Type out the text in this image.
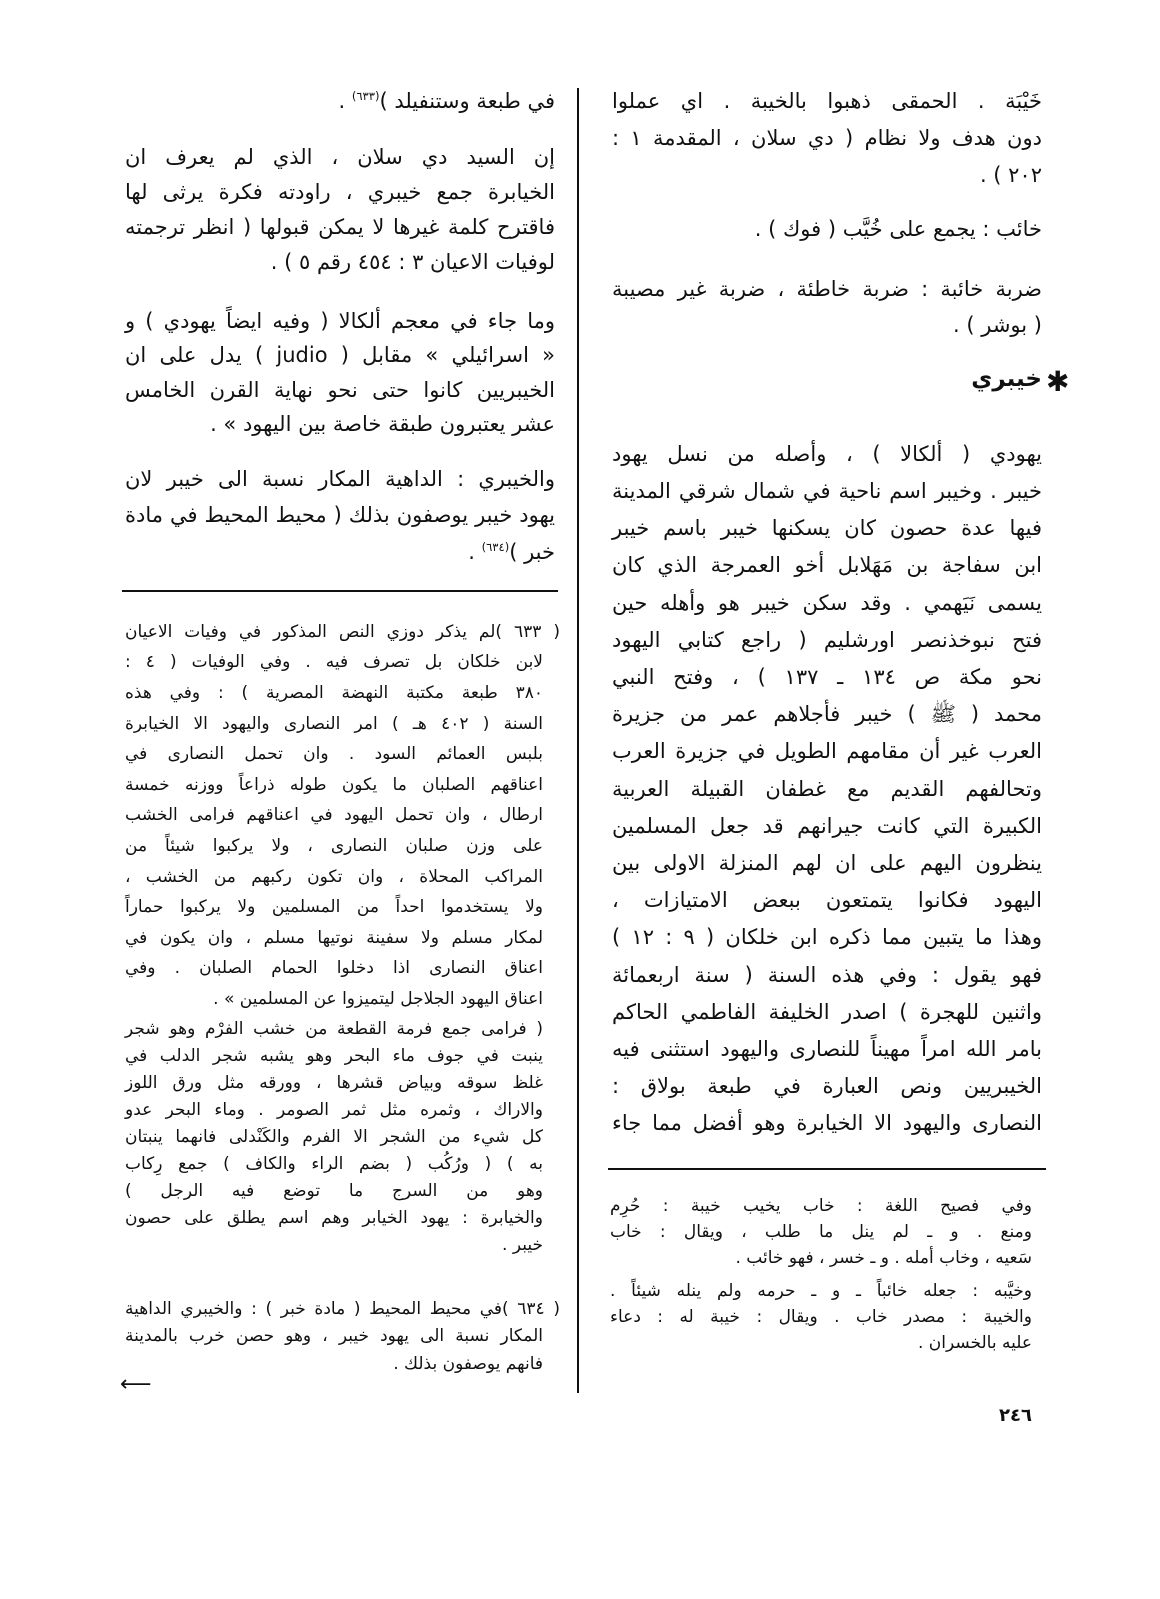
✱
خيبري
٢٤٦
⟵
خَيْبَة . الحمقى ذهبوا بالخيبة . اي عملوا
دون هدف ولا نظام ( دي سلان ، المقدمة ١ :
٢٠٢ ) .
خائب : يجمع على خُيَّب ( فوك ) .
ضربة خائبة : ضربة خاطئة ، ضربة غير مصيبة
( بوشر ) .
يهودي ( ألكالا ) ، وأصله من نسل يهود
خيبر . وخيبر اسم ناحية في شمال شرقي المدينة
فيها عدة حصون كان يسكنها خيبر باسم خيبر
ابن سفاجة بن مَهَلابل أخو العمرجة الذي كان
يسمى نَيَهمي . وقد سكن خيبر هو وأهله حين
فتح نبوخذنصر اورشليم ( راجع كتابي اليهود
نحو مكة ص ١٣٤ ـ ١٣٧ ) ، وفتح النبي
محمد ( ﷺ ) خيبر فأجلاهم عمر من جزيرة
العرب غير أن مقامهم الطويل في جزيرة العرب
وتحالفهم القديم مع غطفان القبيلة العربية
الكبيرة التي كانت جيرانهم قد جعل المسلمين
ينظرون اليهم على ان لهم المنزلة الاولى بين
اليهود فكانوا يتمتعون ببعض الامتيازات ،
وهذا ما يتبين مما ذكره ابن خلكان ( ٩ : ١٢ )
فهو يقول : وفي هذه السنة ( سنة اربعمائة
واثنين للهجرة ) اصدر الخليفة الفاطمي الحاكم
بامر الله امراً مهيناً للنصارى واليهود استثنى فيه
الخيبريين ونص العبارة في طبعة بولاق :
النصارى واليهود الا الخيابرة وهو أفضل مما جاء
وفي فصيح اللغة : خاب يخيب خيبة : حُرِم
ومنع . و ـ لم ينل ما طلب ، ويقال : خاب
سَعيه ، وخاب أمله . و ـ خسر ، فهو خائب .
وخيَّبه : جعله خائباً ـ و ـ حرمه ولم ينله شيئاً .
والخيبة : مصدر خاب . ويقال : خيبة له : دعاء
عليه بالخسران .
في طبعة وستنفيلد )$^{(٦٣٣)}$ .
إن السيد دي سلان ، الذي لم يعرف ان
الخيابرة جمع خيبري ، راودته فكرة يرثى لها
فاقترح كلمة غيرها لا يمكن قبولها ( انظر ترجمته
لوفيات الاعيان ٣ : ٤٥٤ رقم ٥ ) .
وما جاء في معجم ألكالا ( وفيه ايضاً يهودي ) و
« اسرائيلي » مقابل ( judio ) يدل على ان
الخيبريين كانوا حتى نحو نهاية القرن الخامس
عشر يعتبرون طبقة خاصة بين اليهود » .
والخيبري : الداهية المكار نسبة الى خيبر لان
يهود خيبر يوصفون بذلك ( محيط المحيط في مادة
خبر )$^{(٦٣٤)}$ .
( ٦٣٣ )لم يذكر دوزي النص المذكور في وفيات الاعيان
لابن خلكان بل تصرف فيه . وفي الوفيات ( ٤ :
٣٨٠ طبعة مكتبة النهضة المصرية ) : وفي هذه
السنة ( ٤٠٢ هـ ) امر النصارى واليهود الا الخيابرة
بلبس العمائم السود . وان تحمل النصارى في
اعناقهم الصلبان ما يكون طوله ذراعاً ووزنه خمسة
ارطال ، وان تحمل اليهود في اعناقهم فرامى الخشب
على وزن صلبان النصارى ، ولا يركبوا شيئاً من
المراكب المحلاة ، وان تكون ركبهم من الخشب ،
ولا يستخدموا احداً من المسلمين ولا يركبوا حماراً
لمكار مسلم ولا سفينة نوتيها مسلم ، وان يكون في
اعناق النصارى اذا دخلوا الحمام الصلبان . وفي
اعناق اليهود الجلاجل ليتميزوا عن المسلمين » .
( فرامى جمع فرمة القطعة من خشب الفرْم وهو شجر
ينبت في جوف ماء البحر وهو يشبه شجر الدلب في
غلظ سوقه وبياض قشرها ، وورقه مثل ورق اللوز
والاراك ، وثمره مثل ثمر الصومر . وماء البحر عدو
كل شيء من الشجر الا الفرم والكَنْدلى فانهما ينبتان
به ) ( ورُكُب ( بضم الراء والكاف ) جمع رِكاب
وهو من السرج ما توضع فيه الرجل )
والخيابرة : يهود الخيابر وهم اسم يطلق على حصون
خيبر .
( ٦٣٤ )في محيط المحيط ( مادة خبر ) : والخيبري الداهية
المكار نسبة الى يهود خيبر ، وهو حصن خرب بالمدينة
فانهم يوصفون بذلك .
